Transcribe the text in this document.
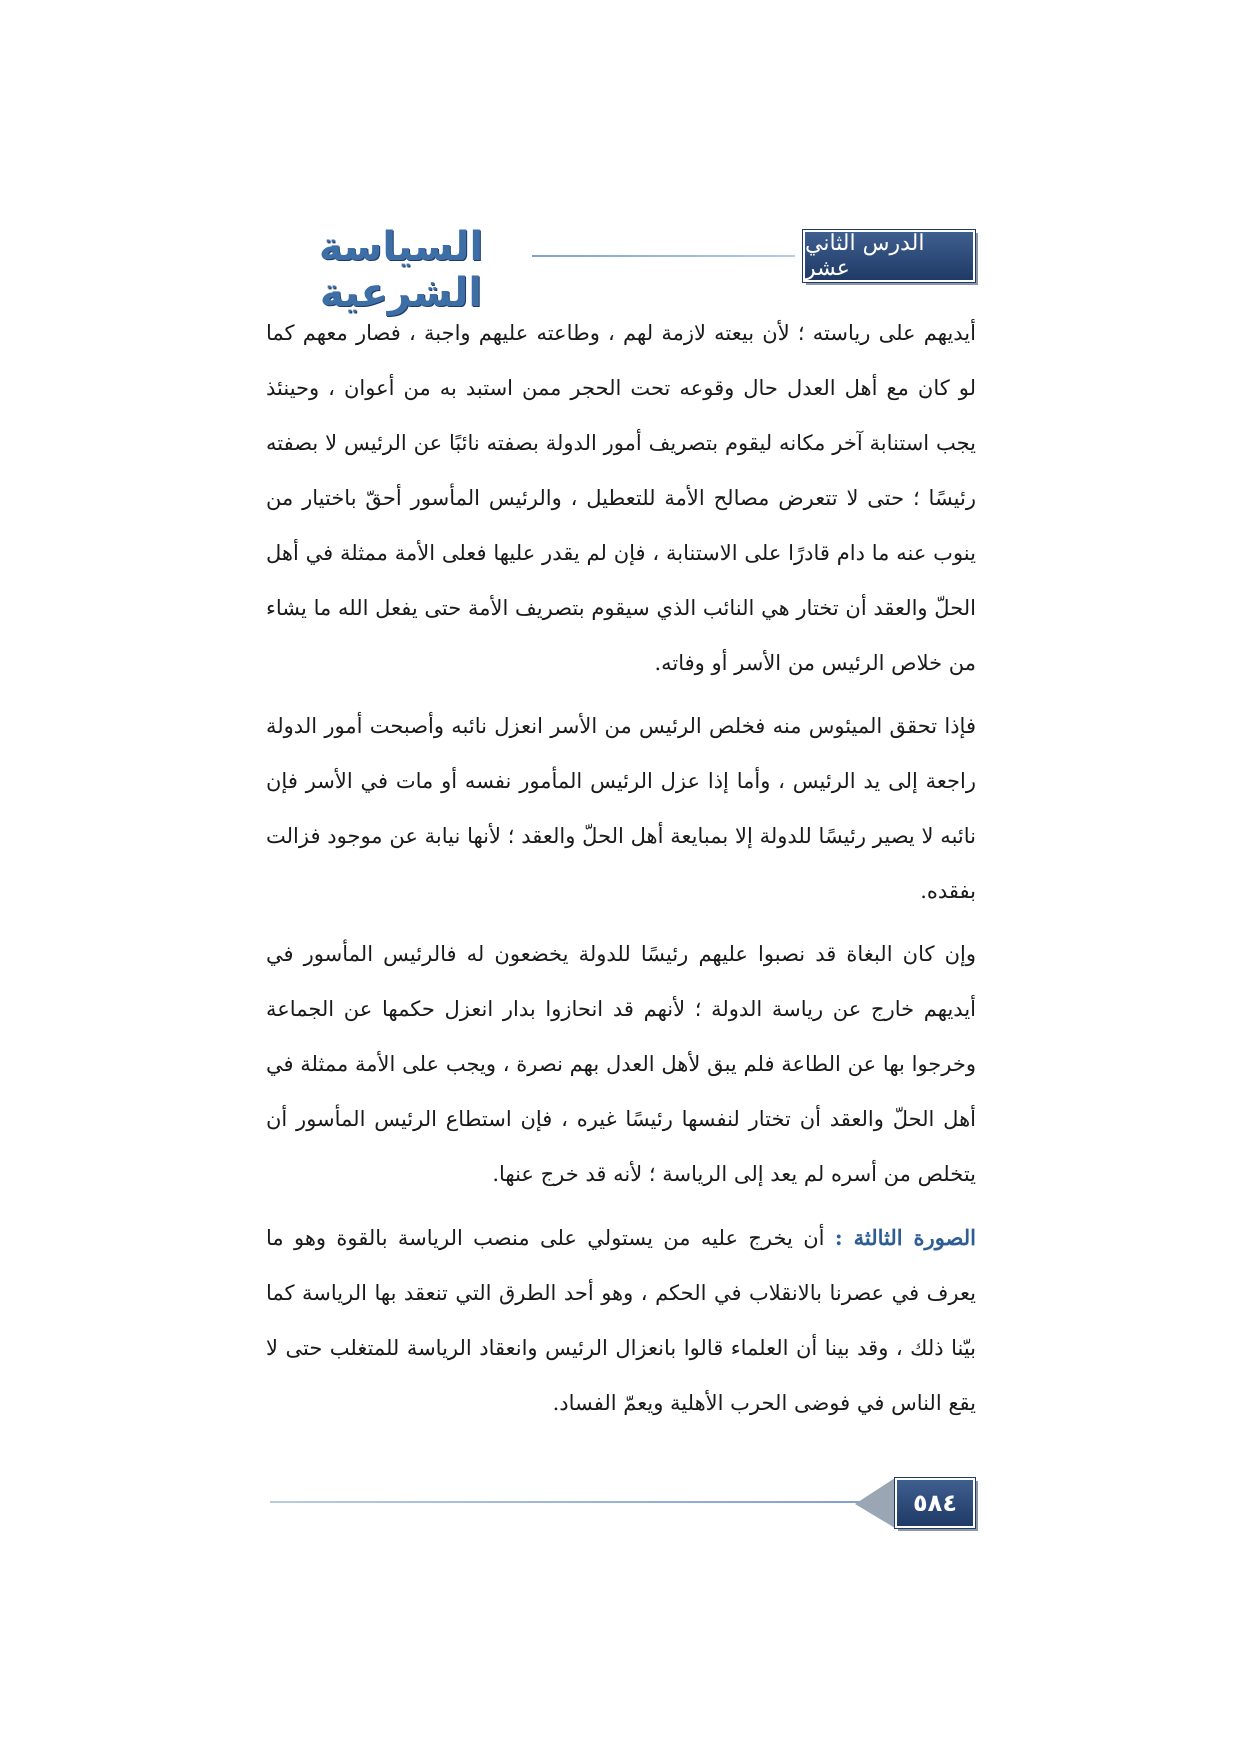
السياسة الشرعية
الدرس الثاني عشر

أيديهم على رياسته ؛ لأن بيعته لازمة لهم ، وطاعته عليهم واجبة ، فصار معهم كما لو كان مع أهل العدل حال وقوعه تحت الحجر ممن استبد به من أعوان ، وحينئذ يجب استنابة آخر مكانه ليقوم بتصريف أمور الدولة بصفته نائبًا عن الرئيس لا بصفته رئيسًا ؛ حتى لا تتعرض مصالح الأمة للتعطيل ، والرئيس المأسور أحقّ باختيار من ينوب عنه ما دام قادرًا على الاستنابة ، فإن لم يقدر عليها فعلى الأمة ممثلة في أهل الحلّ والعقد أن تختار هي النائب الذي سيقوم بتصريف الأمة حتى يفعل الله ما يشاء من خلاص الرئيس من الأسر أو وفاته.

فإذا تحقق الميئوس منه فخلص الرئيس من الأسر انعزل نائبه وأصبحت أمور الدولة راجعة إلى يد الرئيس ، وأما إذا عزل الرئيس المأمور نفسه أو مات في الأسر فإن نائبه لا يصير رئيسًا للدولة إلا بمبايعة أهل الحلّ والعقد ؛ لأنها نيابة عن موجود فزالت بفقده.

وإن كان البغاة قد نصبوا عليهم رئيسًا للدولة يخضعون له فالرئيس المأسور في أيديهم خارج عن رياسة الدولة ؛ لأنهم قد انحازوا بدار انعزل حكمها عن الجماعة وخرجوا بها عن الطاعة فلم يبق لأهل العدل بهم نصرة ، ويجب على الأمة ممثلة في أهل الحلّ والعقد أن تختار لنفسها رئيسًا غيره ، فإن استطاع الرئيس المأسور أن يتخلص من أسره لم يعد إلى الرياسة ؛ لأنه قد خرج عنها.

الصورة الثالثة : أن يخرج عليه من يستولي على منصب الرياسة بالقوة وهو ما يعرف في عصرنا بالانقلاب في الحكم ، وهو أحد الطرق التي تنعقد بها الرياسة كما بيّنا ذلك ، وقد بينا أن العلماء قالوا بانعزال الرئيس وانعقاد الرياسة للمتغلب حتى لا يقع الناس في فوضى الحرب الأهلية ويعمّ الفساد.

٥٨٤
